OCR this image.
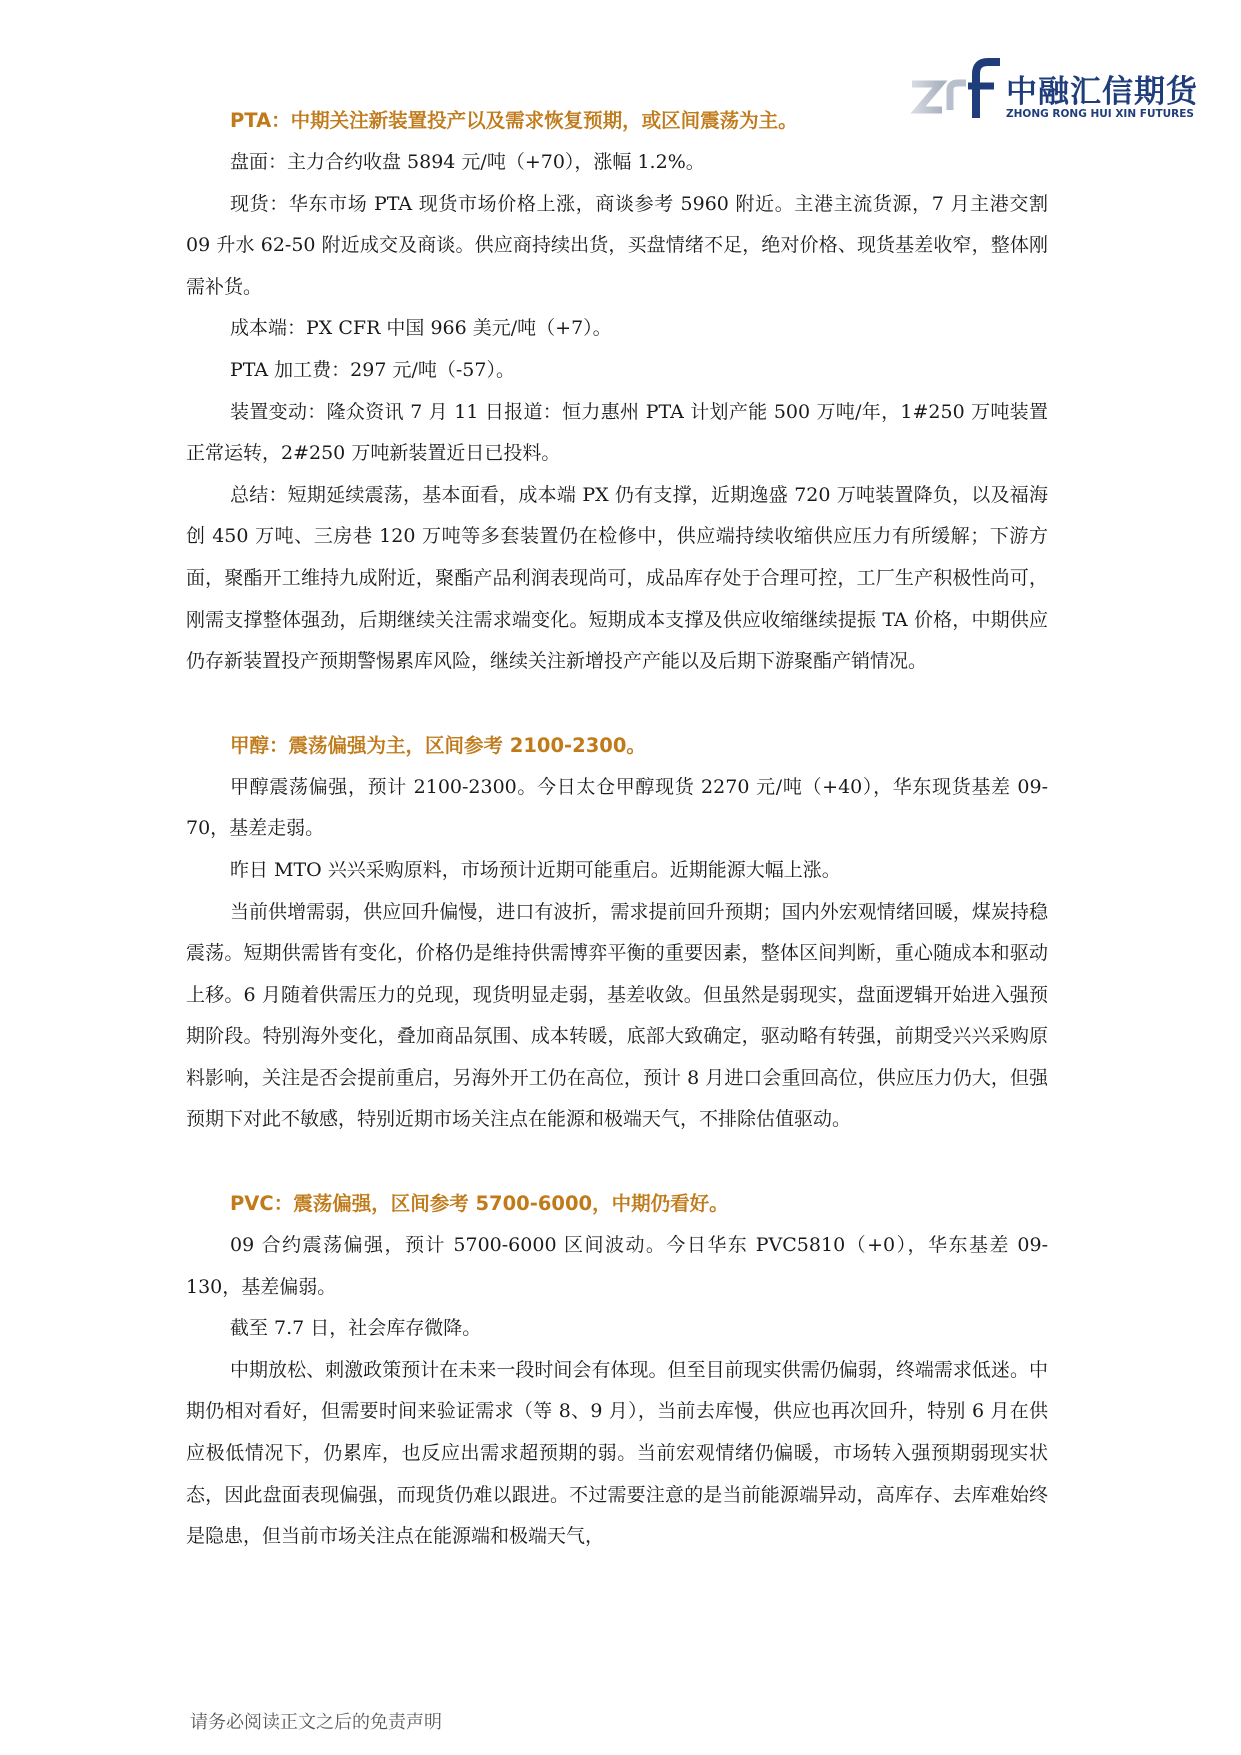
中融汇信期货
ZHONG RONG HUI XIN FUTURES
PTA：中期关注新装置投产以及需求恢复预期，或区间震荡为主。

盘面：主力合约收盘 5894 元/吨（+70），涨幅 1.2%。

现货：华东市场 PTA 现货市场价格上涨，商谈参考 5960 附近。主港主流货源，7 月主港交割 09 升水 62-50 附近成交及商谈。供应商持续出货，买盘情绪不足，绝对价格、现货基差收窄，整体刚需补货。

成本端：PX CFR 中国 966 美元/吨（+7）。

PTA 加工费：297 元/吨（-57）。

装置变动：隆众资讯 7 月 11 日报道：恒力惠州 PTA 计划产能 500 万吨/年，1#250 万吨装置正常运转，2#250 万吨新装置近日已投料。

总结：短期延续震荡，基本面看，成本端 PX 仍有支撑，近期逸盛 720 万吨装置降负，以及福海创 450 万吨、三房巷 120 万吨等多套装置仍在检修中，供应端持续收缩供应压力有所缓解；下游方面，聚酯开工维持九成附近，聚酯产品利润表现尚可，成品库存处于合理可控，工厂生产积极性尚可，刚需支撑整体强劲，后期继续关注需求端变化。短期成本支撑及供应收缩继续提振 TA 价格，中期供应仍存新装置投产预期警惕累库风险，继续关注新增投产产能以及后期下游聚酯产销情况。

甲醇：震荡偏强为主，区间参考 2100-2300。

甲醇震荡偏强，预计 2100-2300。今日太仓甲醇现货 2270 元/吨（+40），华东现货基差 09-70，基差走弱。

昨日 MTO 兴兴采购原料，市场预计近期可能重启。近期能源大幅上涨。

当前供增需弱，供应回升偏慢，进口有波折，需求提前回升预期；国内外宏观情绪回暖，煤炭持稳震荡。短期供需皆有变化，价格仍是维持供需博弈平衡的重要因素，整体区间判断，重心随成本和驱动上移。6 月随着供需压力的兑现，现货明显走弱，基差收敛。但虽然是弱现实，盘面逻辑开始进入强预期阶段。特别海外变化，叠加商品氛围、成本转暖，底部大致确定，驱动略有转强，前期受兴兴采购原料影响，关注是否会提前重启，另海外开工仍在高位，预计 8 月进口会重回高位，供应压力仍大，但强预期下对此不敏感，特别近期市场关注点在能源和极端天气，不排除估值驱动。

PVC：震荡偏强，区间参考 5700-6000，中期仍看好。

09 合约震荡偏强，预计 5700-6000 区间波动。今日华东 PVC5810（+0），华东基差 09-130，基差偏弱。

截至 7.7 日，社会库存微降。

中期放松、刺激政策预计在未来一段时间会有体现。但至目前现实供需仍偏弱，终端需求低迷。中期仍相对看好，但需要时间来验证需求（等 8、9 月），当前去库慢，供应也再次回升，特别 6 月在供应极低情况下，仍累库，也反应出需求超预期的弱。当前宏观情绪仍偏暖，市场转入强预期弱现实状态，因此盘面表现偏强，而现货仍难以跟进。不过需要注意的是当前能源端异动，高库存、去库难始终是隐患，但当前市场关注点在能源端和极端天气，

请务必阅读正文之后的免责声明
